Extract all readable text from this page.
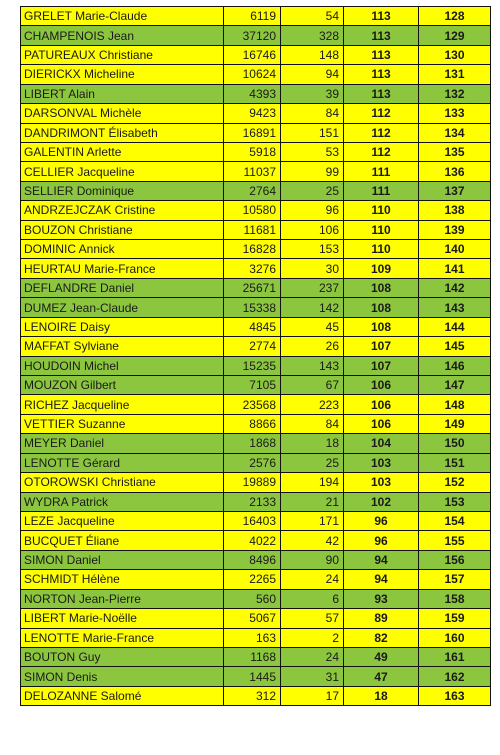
GRELET Marie-Claude	6119	54	113	128
CHAMPENOIS Jean	37120	328	113	129
PATUREAUX Christiane	16746	148	113	130
DIERICKX Micheline	10624	94	113	131
LIBERT Alain	4393	39	113	132
DARSONVAL Michèle	9423	84	112	133
DANDRIMONT Élisabeth	16891	151	112	134
GALENTIN Arlette	5918	53	112	135
CELLIER Jacqueline	11037	99	111	136
SELLIER Dominique	2764	25	111	137
ANDRZEJCZAK Cristine	10580	96	110	138
BOUZON Christiane	11681	106	110	139
DOMINIC Annick	16828	153	110	140
HEURTAU Marie-France	3276	30	109	141
DEFLANDRE Daniel	25671	237	108	142
DUMEZ Jean-Claude	15338	142	108	143
LENOIRE Daisy	4845	45	108	144
MAFFAT Sylviane	2774	26	107	145
HOUDOIN Michel	15235	143	107	146
MOUZON Gilbert	7105	67	106	147
RICHEZ Jacqueline	23568	223	106	148
VETTIER Suzanne	8866	84	106	149
MEYER Daniel	1868	18	104	150
LENOTTE Gérard	2576	25	103	151
OTOROWSKI Christiane	19889	194	103	152
WYDRA Patrick	2133	21	102	153
LEZE Jacqueline	16403	171	96	154
BUCQUET Éliane	4022	42	96	155
SIMON Daniel	8496	90	94	156
SCHMIDT Hélène	2265	24	94	157
NORTON Jean-Pierre	560	6	93	158
LIBERT Marie-Noëlle	5067	57	89	159
LENOTTE Marie-France	163	2	82	160
BOUTON Guy	1168	24	49	161
SIMON Denis	1445	31	47	162
DELOZANNE Salomé	312	17	18	163
